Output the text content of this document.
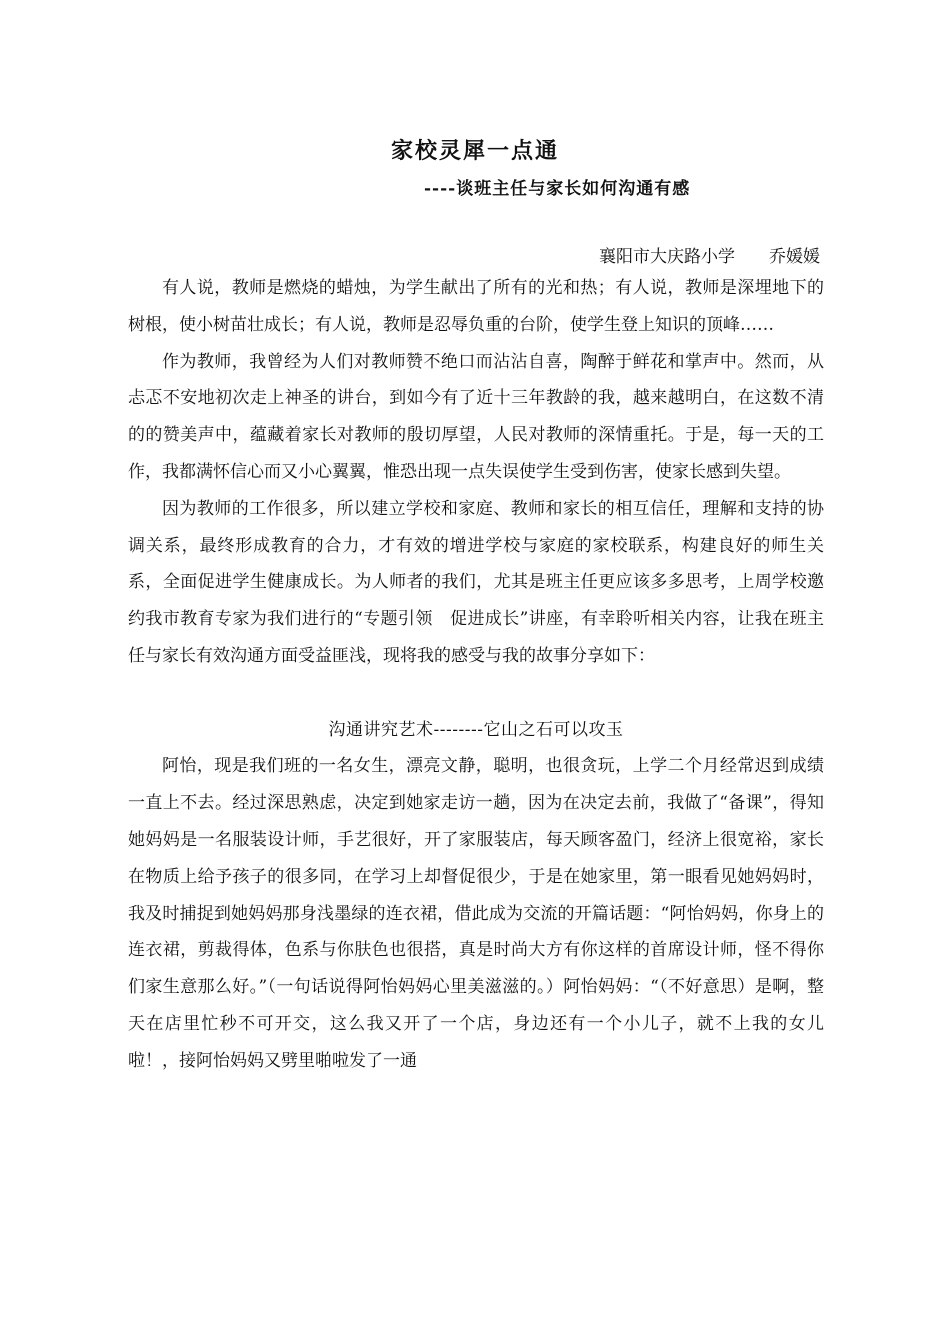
家校灵犀一点通
----谈班主任与家长如何沟通有感
襄阳市大庆路小学 乔媛媛

有人说，教师是燃烧的蜡烛，为学生献出了所有的光和热；有人说，教师是深埋地下的树根，使小树苗壮成长；有人说，教师是忍辱负重的台阶，使学生登上知识的顶峰……

作为教师，我曾经为人们对教师赞不绝口而沾沾自喜，陶醉于鲜花和掌声中。然而，从忐忑不安地初次走上神圣的讲台，到如今有了近十三年教龄的我，越来越明白，在这数不清的的赞美声中，蕴藏着家长对教师的殷切厚望，人民对教师的深情重托。于是，每一天的工作，我都满怀信心而又小心翼翼，惟恐出现一点失误使学生受到伤害，使家长感到失望。

因为教师的工作很多，所以建立学校和家庭、教师和家长的相互信任，理解和支持的协调关系，最终形成教育的合力，才有效的增进学校与家庭的家校联系，构建良好的师生关系，全面促进学生健康成长。为人师者的我们，尤其是班主任更应该多多思考，上周学校邀约我市教育专家为我们进行的“专题引领　促进成长”讲座，有幸聆听相关内容，让我在班主任与家长有效沟通方面受益匪浅，现将我的感受与我的故事分享如下：

沟通讲究艺术--------它山之石可以攻玉

阿怡，现是我们班的一名女生，漂亮文静，聪明，也很贪玩，上学二个月经常迟到成绩一直上不去。经过深思熟虑，决定到她家走访一趟，因为在决定去前，我做了“备课”，得知她妈妈是一名服装设计师，手艺很好，开了家服装店，每天顾客盈门，经济上很宽裕，家长在物质上给予孩子的很多同，在学习上却督促很少，于是在她家里，第一眼看见她妈妈时，我及时捕捉到她妈妈那身浅墨绿的连衣裙，借此成为交流的开篇话题：“阿怡妈妈，你身上的连衣裙，剪裁得体，色系与你肤色也很搭，真是时尚大方有你这样的首席设计师，怪不得你们家生意那么好。”（一句话说得阿怡妈妈心里美滋滋的。）阿怡妈妈：“（不好意思）是啊，整天在店里忙秒不可开交，这么我又开了一个店，身边还有一个小儿子，就不上我的女儿啦！，接阿怡妈妈又劈里啪啦发了一通
